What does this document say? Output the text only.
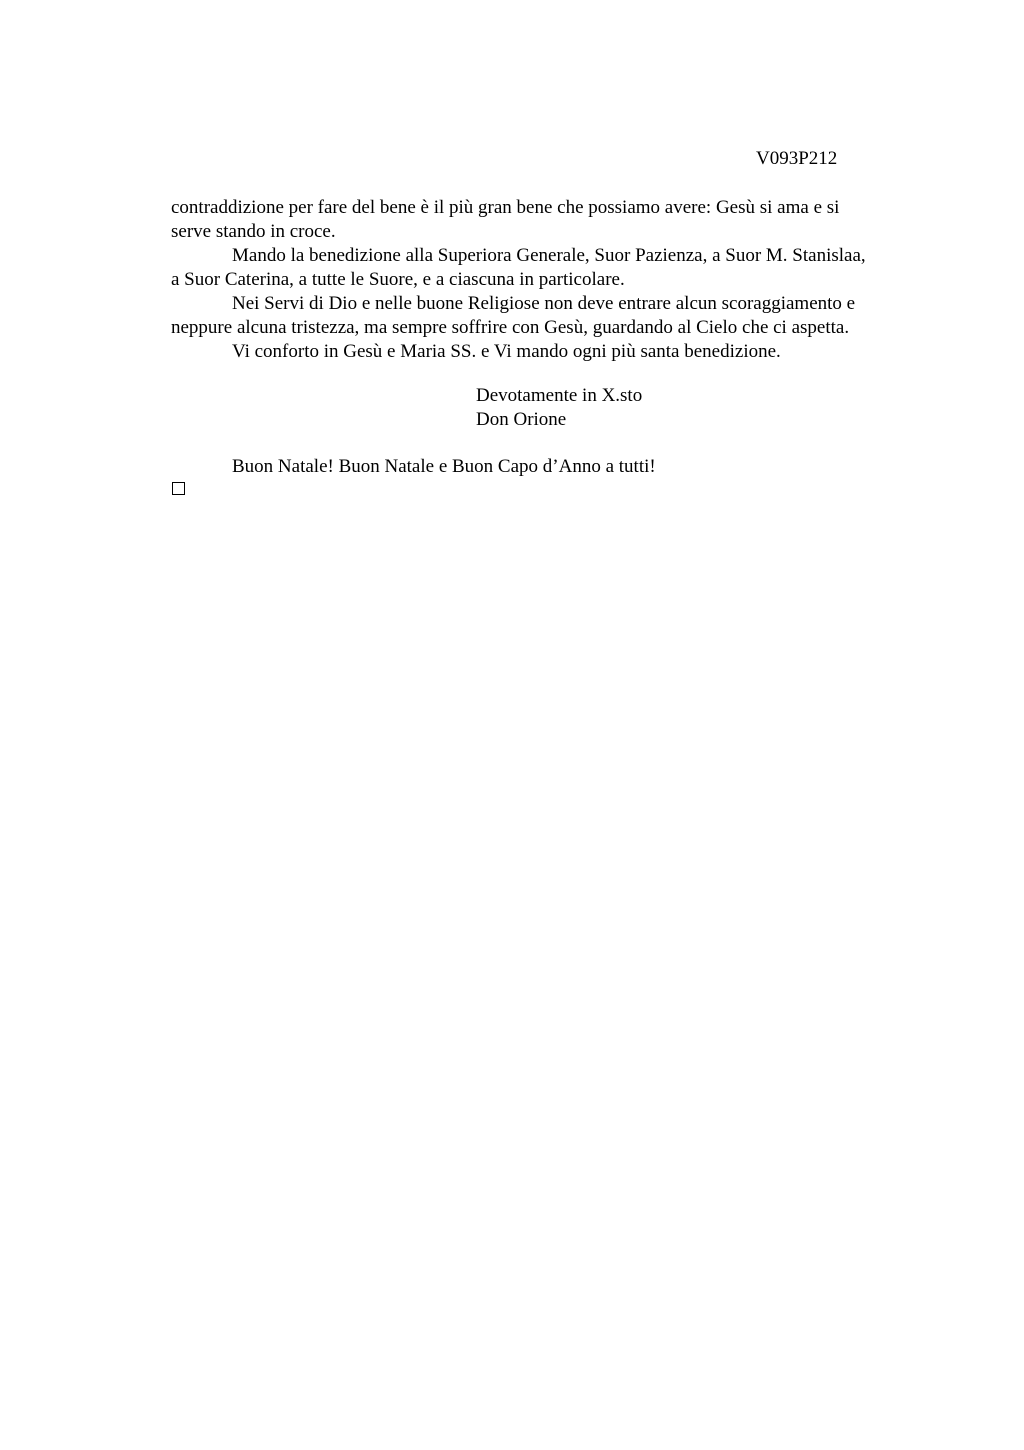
V093P212
contraddizione per fare del bene è il più gran bene che possiamo avere: Gesù si ama e si
serve stando in croce.
Mando la benedizione alla Superiora Generale, Suor Pazienza, a Suor M. Stanislaa,
a Suor Caterina, a tutte le Suore, e a ciascuna in particolare.
Nei Servi di Dio e nelle buone Religiose non deve entrare alcun scoraggiamento e
neppure alcuna tristezza, ma sempre soffrire con Gesù, guardando al Cielo che ci aspetta.
Vi conforto in Gesù e Maria SS. e Vi mando ogni più santa benedizione.
Devotamente in X.sto
Don Orione
Buon Natale! Buon Natale e Buon Capo d’Anno a tutti!
